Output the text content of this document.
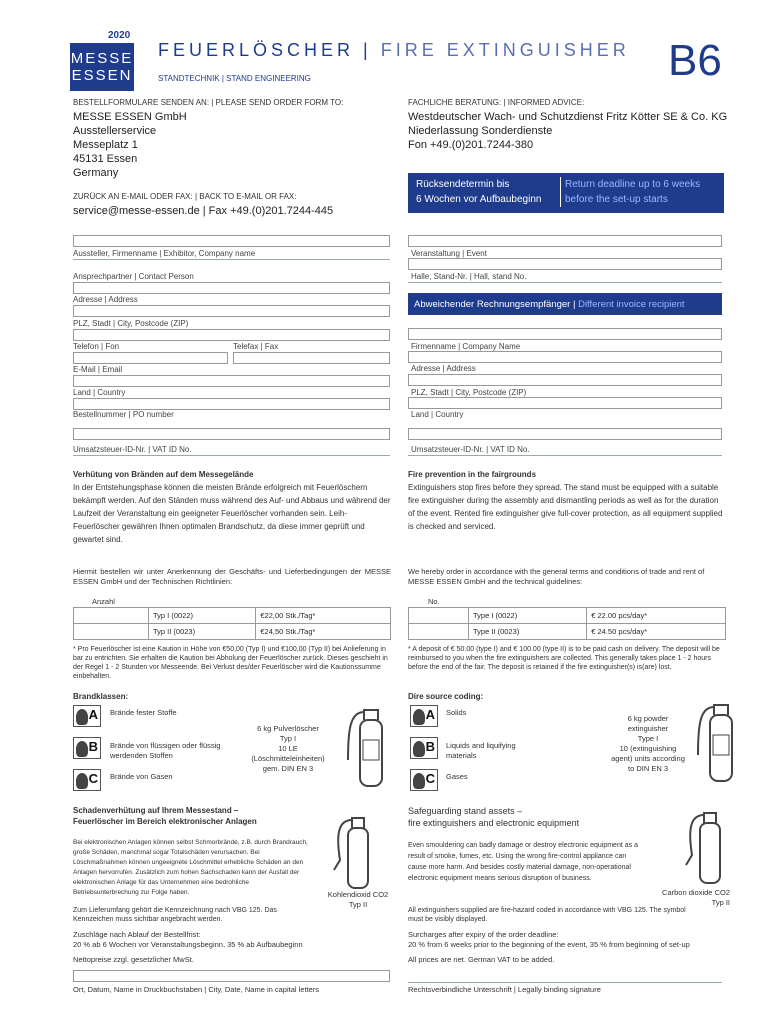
2020
MESSE
ESSEN
FEUERLÖSCHER | FIRE EXTINGUISHER
STANDTECHNIK | STAND ENGINEERING	B6
BESTELLFORMULARE SENDEN AN: | PLEASE SEND ORDER FORM TO:
MESSE ESSEN GmbH
Ausstellerservice
Messeplatz 1
45131 Essen
Germany
ZURÜCK AN E-MAIL ODER FAX: | BACK TO E-MAIL OR FAX:
service@messe-essen.de | Fax +49.(0)201.7244-445
FACHLICHE BERATUNG: | INFORMED ADVICE:
Westdeutscher Wach- und Schutzdienst Fritz Kötter SE & Co. KG
Niederlassung Sonderdienste
Fon +49.(0)201.7244-380
Rücksendetermin bis
6 Wochen vor Aufbaubeginn
Return deadline up to 6 weeks
before the set-up starts
Aussteller, Firmenname | Exhibitor, Company name
Ansprechpartner | Contact Person
Adresse | Address
PLZ, Stadt | City, Postcode (ZIP)
Telefon | Fon	Telefax | Fax
E-Mail | Email
Land | Country
Bestellnummer | PO number
Umsatzsteuer-ID-Nr. | VAT ID No.
Veranstaltung | Event
Halle, Stand-Nr. | Hall, stand No.
Abweichender Rechnungsempfänger | Different invoice recipient
Firmenname | Company Name
Adresse | Address
PLZ, Stadt | City, Postcode (ZIP)
Land | Country
Umsatzsteuer-ID-Nr. | VAT ID No.
Verhütung von Bränden auf dem Messegelände
In der Entstehungsphase können die meisten Brände erfolgreich mit Feuerlöschern bekämpft werden. Auf den Ständen muss während des Auf- und Abbaus und während der Laufzeit der Veranstaltung ein geeigneter Feuerlöscher vorhanden sein. Leih-Feuerlöscher gewähren Ihnen optimalen Brandschutz, da diese immer geprüft und gewartet sind.
Fire prevention in the fairgrounds
Extinguishers stop fires before they spread. The stand must be equipped with a suitable fire extinguisher during the assembly and dismantling periods as well as for the duration of the event. Rented fire extinguisher give full-cover protection, as all equipment supplied is checked and serviced.
Hiermit bestellen wir unter Anerkennung der Geschäfts- und Lieferbedingungen der MESSE ESSEN GmbH und der Technischen Richtlinien:
Anzahl
	Typ I (0022)	€22,00 Stk./Tag*
	Typ II (0023)	€24,50 Stk./Tag*
* Pro Feuerlöscher ist eine Kaution in Höhe von €50,00 (Typ I) und €100,00 (Typ II) bei Anlieferung in bar zu entrichten. Sie erhalten die Kaution bei Abholung der Feuerlöscher zurück. Dieses geschieht in der Regel 1 - 2 Stunden vor Messeende. Bei Verlust des/der Feuerlöscher wird die Kautionssumme einbehalten.
We hereby order in accordance with the general terms and conditions of trade and rent of MESSE ESSEN GmbH and the technical guidelines:
No.
	Type I (0022)	€ 22.00 pcs/day*
	Type II (0023)	€ 24.50 pcs/day*
* A deposit of € 50.00 (type I) and € 100.00 (type II) is to be paid cash on delivery. The deposit will be reimbursed to you when the fire extinguishers are collected. This generally takes place 1 - 2 hours before the end of the fair. The deposit is retained if the fire extinguisher(s) is(are) lost.
Brandklassen:
A Brände fester Stoffe
B Brände von flüssigen oder flüssig werdenden Stoffen
C Brände von Gasen
6 kg Pulverlöscher
Typ I
10 LE
(Löschmitteleinheiten)
gem. DIN EN 3
Dire source coding:
A Solids
B Liquids and liquifying materials
C Gases
6 kg powder
extinguisher
Type I
10 (extinguishing
agent) units according
to DIN EN 3
Schadenverhütung auf Ihrem Messestand –
Feuerlöscher im Bereich elektronischer Anlagen
Bei elektronischen Anlagen können selbst Schmorbrände, z.B. durch Brandrauch, große Schäden, manchmal sogar Totalschäden verursachen. Bei Löschmaßnahmen können ungeeignete Löschmittel erhebliche Schäden an den Anlagen hervorrufen. Zusätzlich zum hohen Sachschaden kann der Ausfall der elektronischen Anlage für das Unternehmen eine bedrohliche Betriebsunterbrechung zur Folge haben.	Kohlendioxid CO2
Typ II
Zum Lieferumfang gehört die Kennzeichnung nach VBG 125. Das Kennzeichen muss sichtbar angebracht werden.
Zuschläge nach Ablauf der Bestellfrist:
20 % ab 6 Wochen vor Veranstaltungsbeginn, 35 % ab Aufbaubeginn
Nettopreise zzgl. gesetzlicher MwSt.
Safeguarding stand assets –
fire extinguishers and electronic equipment
Even smouldering can badly damage or destroy electronic equipment as a result of smoke, fumes, etc. Using the wrong fire-control appliance can cause more harm. And besides costly material damage, non-operational electronic equipment means serious disruption of business.
Carbon dioxide CO2
Typ II
All extinguishers supplied are fire-hazard coded in accordance with VBG 125. The symbol must be visibly displayed.
Surcharges after expiry of the order deadline:
20 % from 6 weeks prior to the beginning of the event, 35 % from beginning of set-up
All prices are net. German VAT to be added.
Ort, Datum, Name in Druckbuchstaben | City, Date, Name in capital letters	Rechtsverbindliche Unterschrift | Legally binding signature
